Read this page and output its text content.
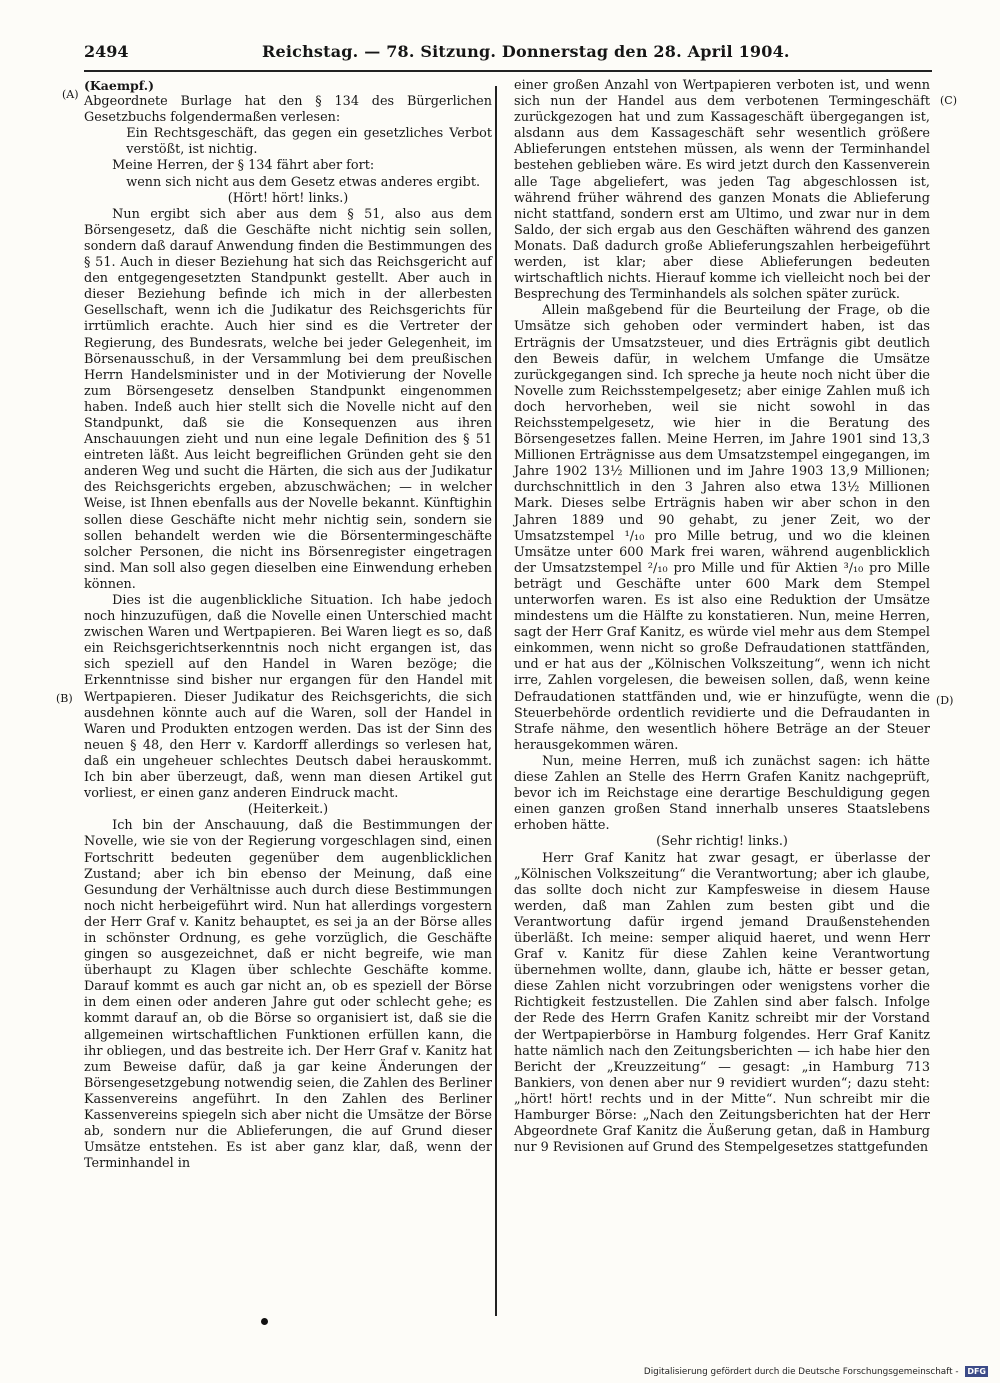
2494	Reichstag. — 78. Sitzung. Donnerstag den 28. April 1904.
(A)
(B)
(C)
(D)

(Kaempf.)

Abgeordnete Burlage hat den § 134 des Bürgerlichen Gesetzbuchs folgendermaßen verlesen:

Ein Rechtsgeschäft, das gegen ein gesetzliches Verbot verstößt, ist nichtig.

Meine Herren, der § 134 fährt aber fort:

wenn sich nicht aus dem Gesetz etwas anderes ergibt.

(Hört! hört! links.)

Nun ergibt sich aber aus dem § 51, also aus dem Börsengesetz, daß die Geschäfte nicht nichtig sein sollen, sondern daß darauf Anwendung finden die Bestimmungen des § 51. Auch in dieser Beziehung hat sich das Reichsgericht auf den entgegengesetzten Standpunkt gestellt. Aber auch in dieser Beziehung befinde ich mich in der allerbesten Gesellschaft, wenn ich die Judikatur des Reichsgerichts für irrtümlich erachte. Auch hier sind es die Vertreter der Regierung, des Bundesrats, welche bei jeder Gelegenheit, im Börsenausschuß, in der Versammlung bei dem preußischen Herrn Handelsminister und in der Motivierung der Novelle zum Börsengesetz denselben Standpunkt eingenommen haben. Indeß auch hier stellt sich die Novelle nicht auf den Standpunkt, daß sie die Konsequenzen aus ihren Anschauungen zieht und nun eine legale Definition des § 51 eintreten läßt. Aus leicht begreiflichen Gründen geht sie den anderen Weg und sucht die Härten, die sich aus der Judikatur des Reichsgerichts ergeben, abzuschwächen; — in welcher Weise, ist Ihnen ebenfalls aus der Novelle bekannt. Künftighin sollen diese Geschäfte nicht mehr nichtig sein, sondern sie sollen behandelt werden wie die Börsentermingeschäfte solcher Personen, die nicht ins Börsenregister eingetragen sind. Man soll also gegen dieselben eine Einwendung erheben können.

Dies ist die augenblickliche Situation. Ich habe jedoch noch hinzuzufügen, daß die Novelle einen Unterschied macht zwischen Waren und Wertpapieren. Bei Waren liegt es so, daß ein Reichsgerichtserkenntnis noch nicht ergangen ist, das sich speziell auf den Handel in Waren bezöge; die Erkenntnisse sind bisher nur ergangen für den Handel mit Wertpapieren. Dieser Judikatur des Reichsgerichts, die sich ausdehnen könnte auch auf die Waren, soll der Handel in Waren und Produkten entzogen werden. Das ist der Sinn des neuen § 48, den Herr v. Kardorff allerdings so verlesen hat, daß ein ungeheuer schlechtes Deutsch dabei herauskommt. Ich bin aber überzeugt, daß, wenn man diesen Artikel gut vorliest, er einen ganz anderen Eindruck macht.

(Heiterkeit.)

Ich bin der Anschauung, daß die Bestimmungen der Novelle, wie sie von der Regierung vorgeschlagen sind, einen Fortschritt bedeuten gegenüber dem augenblicklichen Zustand; aber ich bin ebenso der Meinung, daß eine Gesundung der Verhältnisse auch durch diese Bestimmungen noch nicht herbeigeführt wird. Nun hat allerdings vorgestern der Herr Graf v. Kanitz behauptet, es sei ja an der Börse alles in schönster Ordnung, es gehe vorzüglich, die Geschäfte gingen so ausgezeichnet, daß er nicht begreife, wie man überhaupt zu Klagen über schlechte Geschäfte komme. Darauf kommt es auch gar nicht an, ob es speziell der Börse in dem einen oder anderen Jahre gut oder schlecht gehe; es kommt darauf an, ob die Börse so organisiert ist, daß sie die allgemeinen wirtschaftlichen Funktionen erfüllen kann, die ihr obliegen, und das bestreite ich. Der Herr Graf v. Kanitz hat zum Beweise dafür, daß ja gar keine Änderungen der Börsengesetzgebung notwendig seien, die Zahlen des Berliner Kassenvereins angeführt. In den Zahlen des Berliner Kassenvereins spiegeln sich aber nicht die Umsätze der Börse ab, sondern nur die Ablieferungen, die auf Grund dieser Umsätze entstehen. Es ist aber ganz klar, daß, wenn der Terminhandel in

einer großen Anzahl von Wertpapieren verboten ist, und wenn sich nun der Handel aus dem verbotenen Termingeschäft zurückgezogen hat und zum Kassageschäft übergegangen ist, alsdann aus dem Kassageschäft sehr wesentlich größere Ablieferungen entstehen müssen, als wenn der Terminhandel bestehen geblieben wäre. Es wird jetzt durch den Kassenverein alle Tage abgeliefert, was jeden Tag abgeschlossen ist, während früher während des ganzen Monats die Ablieferung nicht stattfand, sondern erst am Ultimo, und zwar nur in dem Saldo, der sich ergab aus den Geschäften während des ganzen Monats. Daß dadurch große Ablieferungszahlen herbeigeführt werden, ist klar; aber diese Ablieferungen bedeuten wirtschaftlich nichts. Hierauf komme ich vielleicht noch bei der Besprechung des Terminhandels als solchen später zurück.

Allein maßgebend für die Beurteilung der Frage, ob die Umsätze sich gehoben oder vermindert haben, ist das Erträgnis der Umsatzsteuer, und dies Erträgnis gibt deutlich den Beweis dafür, in welchem Umfange die Umsätze zurückgegangen sind. Ich spreche ja heute noch nicht über die Novelle zum Reichsstempelgesetz; aber einige Zahlen muß ich doch hervorheben, weil sie nicht sowohl in das Reichsstempelgesetz, wie hier in die Beratung des Börsengesetzes fallen. Meine Herren, im Jahre 1901 sind 13,3 Millionen Erträgnisse aus dem Umsatzstempel eingegangen, im Jahre 1902 13½ Millionen und im Jahre 1903 13,9 Millionen; durchschnittlich in den 3 Jahren also etwa 13½ Millionen Mark. Dieses selbe Erträgnis haben wir aber schon in den Jahren 1889 und 90 gehabt, zu jener Zeit, wo der Umsatzstempel ¹/₁₀ pro Mille betrug, und wo die kleinen Umsätze unter 600 Mark frei waren, während augenblicklich der Umsatzstempel ²/₁₀ pro Mille und für Aktien ³/₁₀ pro Mille beträgt und Geschäfte unter 600 Mark dem Stempel unterworfen waren. Es ist also eine Reduktion der Umsätze mindestens um die Hälfte zu konstatieren. Nun, meine Herren, sagt der Herr Graf Kanitz, es würde viel mehr aus dem Stempel einkommen, wenn nicht so große Defraudationen stattfänden, und er hat aus der „Kölnischen Volkszeitung“, wenn ich nicht irre, Zahlen vorgelesen, die beweisen sollen, daß, wenn keine Defraudationen stattfänden und, wie er hinzufügte, wenn die Steuerbehörde ordentlich revidierte und die Defraudanten in Strafe nähme, den wesentlich höhere Beträge an der Steuer herausgekommen wären.

Nun, meine Herren, muß ich zunächst sagen: ich hätte diese Zahlen an Stelle des Herrn Grafen Kanitz nachgeprüft, bevor ich im Reichstage eine derartige Beschuldigung gegen einen ganzen großen Stand innerhalb unseres Staatslebens erhoben hätte.

(Sehr richtig! links.)

Herr Graf Kanitz hat zwar gesagt, er überlasse der „Kölnischen Volkszeitung“ die Verantwortung; aber ich glaube, das sollte doch nicht zur Kampfesweise in diesem Hause werden, daß man Zahlen zum besten gibt und die Verantwortung dafür irgend jemand Draußenstehenden überläßt. Ich meine: semper aliquid haeret, und wenn Herr Graf v. Kanitz für diese Zahlen keine Verantwortung übernehmen wollte, dann, glaube ich, hätte er besser getan, diese Zahlen nicht vorzubringen oder wenigstens vorher die Richtigkeit festzustellen. Die Zahlen sind aber falsch. Infolge der Rede des Herrn Grafen Kanitz schreibt mir der Vorstand der Wertpapierbörse in Hamburg folgendes. Herr Graf Kanitz hatte nämlich nach den Zeitungsberichten — ich habe hier den Bericht der „Kreuzzeitung“ — gesagt: „in Hamburg 713 Bankiers, von denen aber nur 9 revidiert wurden“; dazu steht: „hört! hört! rechts und in der Mitte“. Nun schreibt mir die Hamburger Börse: „Nach den Zeitungsberichten hat der Herr Abgeordnete Graf Kanitz die Äußerung getan, daß in Hamburg nur 9 Revisionen auf Grund des Stempelgesetzes stattgefunden

Digitalisierung gefördert durch die Deutsche Forschungsgemeinschaft - DFG
